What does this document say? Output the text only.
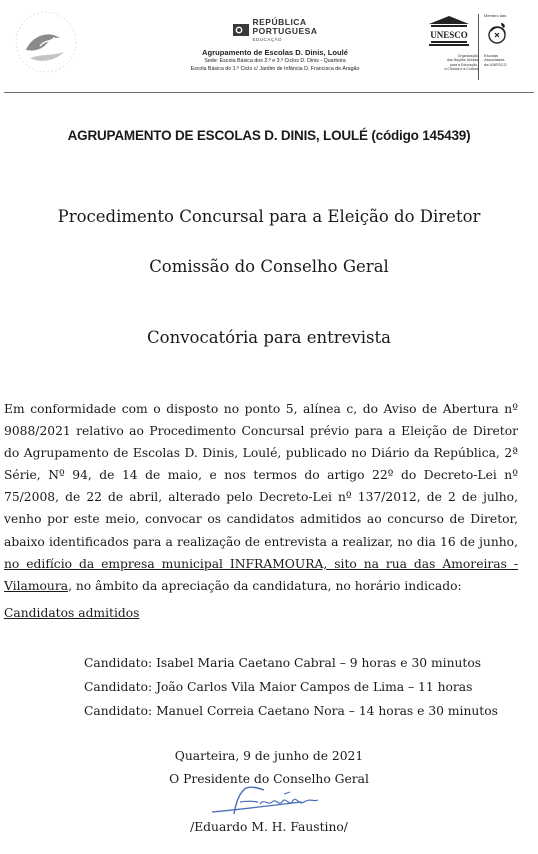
REPÚBLICA
PORTUGUESA
EDUCAÇÃO
Agrupamento de Escolas D. Dinis, Loulé
Sede: Escola Básica dos 2.º e 3.º Ciclos D. Dinis - Quarteira
Escola Básica do 1.º Ciclo c/ Jardim de Infância D. Francisca de Aragão
UNESCO
Organização
das Nações Unidas
para a Educação,
a Ciência e a Cultura
Membro das
Escolas
Associadas
da UNESCO
AGRUPAMENTO DE ESCOLAS D. DINIS, LOULÉ (código 145439)
Procedimento Concursal para a Eleição do Diretor
Comissão do Conselho Geral
Convocatória para entrevista
Em conformidade com o disposto no ponto 5, alínea c, do Aviso de Abertura nº 9088/2021 relativo ao Procedimento Concursal prévio para a Eleição de Diretor do Agrupamento de Escolas D. Dinis, Loulé, publicado no Diário da República, 2ª Série, Nº 94, de 14 de maio, e nos termos do artigo 22º do Decreto-Lei nº 75/2008, de 22 de abril, alterado pelo Decreto-Lei nº 137/2012, de 2 de julho, venho por este meio, convocar os candidatos admitidos ao concurso de Diretor, abaixo identificados para a realização de entrevista a realizar, no dia 16 de junho, no edifício da empresa municipal INFRAMOURA, sito na rua das Amoreiras - Vilamoura, no âmbito da apreciação da candidatura, no horário indicado:
Candidatos admitidos
Candidato: Isabel Maria Caetano Cabral – 9 horas e 30 minutos
Candidato: João Carlos Vila Maior Campos de Lima – 11 horas
Candidato: Manuel Correia Caetano Nora – 14 horas e 30 minutos
Quarteira, 9 de junho de 2021
O Presidente do Conselho Geral
/Eduardo M. H. Faustino/
